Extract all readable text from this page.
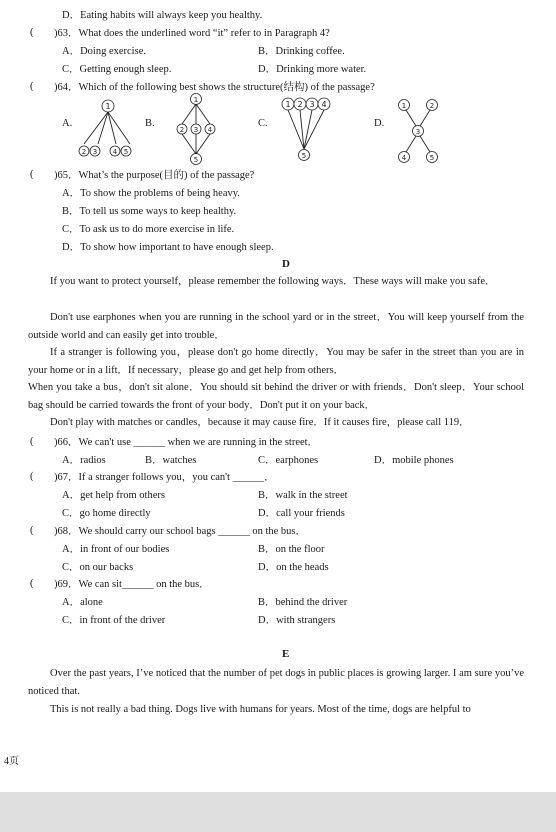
D．Eating habits will always keep you healthy.
( )63．What does the underlined word “it” refer to in Paragraph 4?
A．Doing exercise.	B．Drinking coffee.
C．Getting enough sleep.	D．Drinking more water.
( )64．Which of the following best shows the structure(结构) of the passage?
A.
1
2 3 4 5
B.
1
2 3 4
5
C.
1 2 3 4
5
D.
1	2
3
4	5
( )65．What’s the purpose(目的) of the passage?
A．To show the problems of being heavy.
B．To tell us some ways to keep healthy.
C．To ask us to do more exercise in life.
D．To show how important to have enough sleep.
D
If you want to protect yourself，please remember the following ways．These ways will make you safe．
Don't use earphones when you are running in the school yard or in the street．You will keep yourself from the outside world and can easily get into trouble．
If a stranger is following you，please don't go home directly．You may be safer in the street than you are in your home or in a lift．If necessary，please go and get help from others．
When you take a bus，don't sit alone．You should sit behind the driver or with friends．Don't sleep．Your school bag should be carried towards the front of your body．Don't put it on your back．
Don't play with matches or candles，because it may cause fire．If it causes fire，please call 119．
( )66．We can't use ______ when we are running in the street．
A．radios	B．watches	C．earphones	D．mobile phones
( )67．If a stranger follows you，you can't ______．
A．get help from others	B．walk in the street
C．go home directly	D．call your friends
( )68．We should carry our school bags ______ on the bus．
A．in front of our bodies	B．on the floor
C．on our backs	D．on the heads
( )69．We can sit______ on the bus．
A．alone	B．behind the driver
C．in front of the driver	D．with strangers
E
Over the past years, I’ve noticed that the number of pet dogs in public places is growing larger. I am sure you’ve noticed that.
This is not really a bad thing. Dogs live with humans for years. Most of the time, dogs are helpful to
4页
